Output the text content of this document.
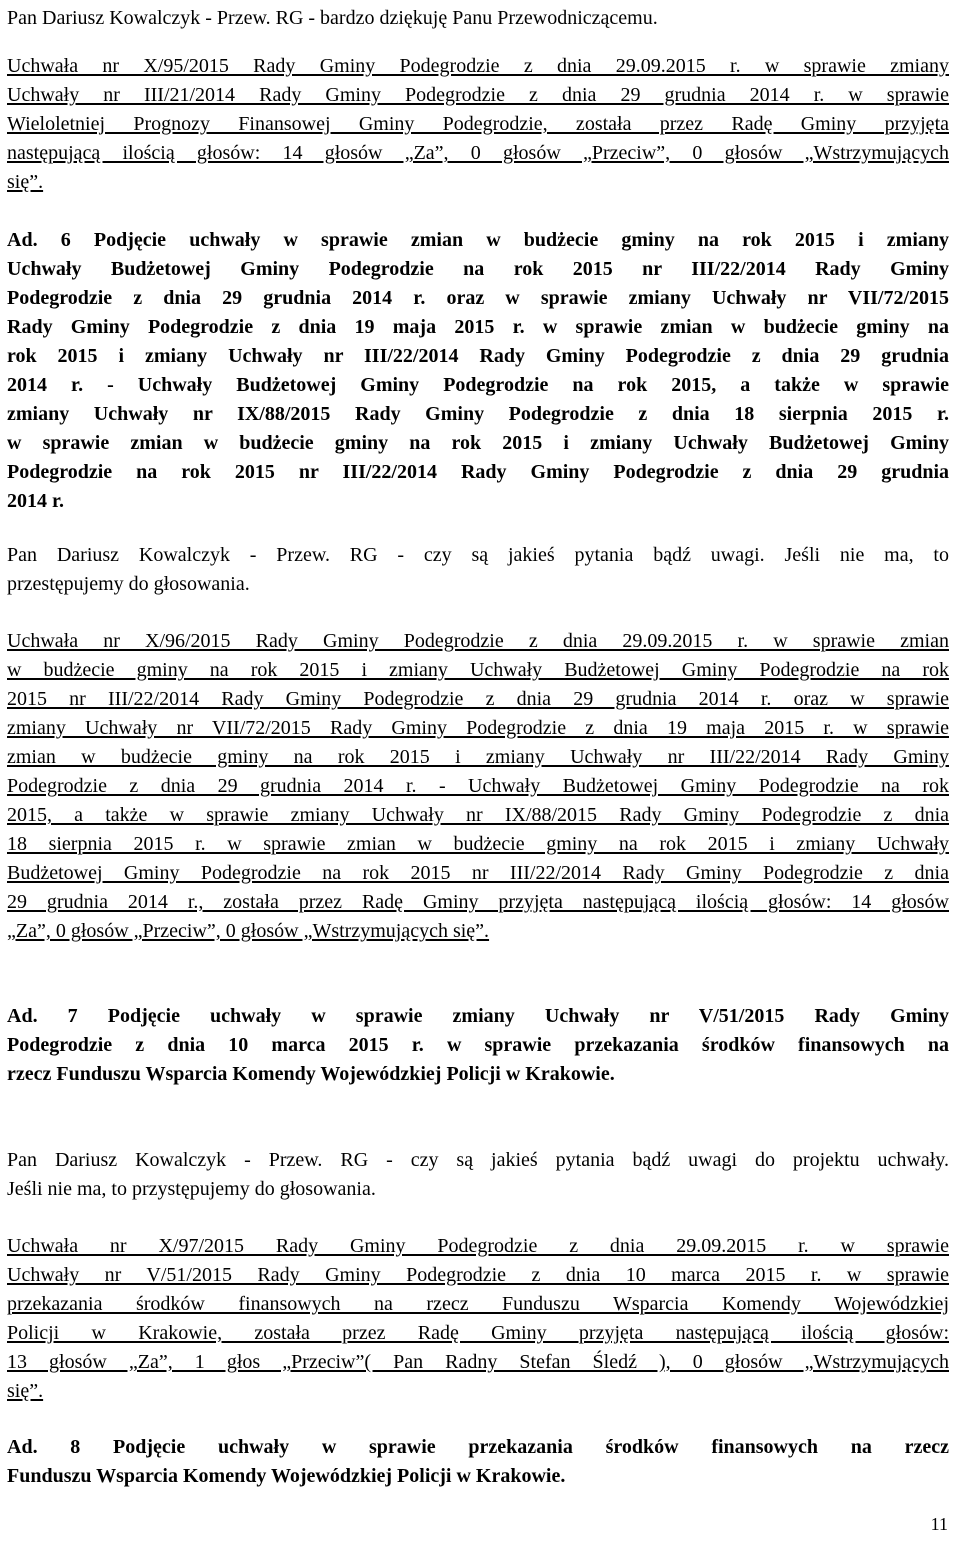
Pan Dariusz Kowalczyk - Przew. RG - bardzo dziękuję Panu Przewodniczącemu.

Uchwała nr X/95/2015 Rady Gminy Podegrodzie z dnia 29.09.2015 r. w sprawie zmiany

Uchwały nr III/21/2014 Rady Gminy Podegrodzie z dnia 29 grudnia 2014 r. w sprawie

Wieloletniej Prognozy Finansowej Gminy Podegrodzie, została przez Radę Gminy przyjęta

następującą ilością głosów: 14 głosów „Za”, 0 głosów „Przeciw”, 0 głosów „Wstrzymujących

się”.

Ad. 6 Podjęcie uchwały w sprawie zmian w budżecie gminy na rok 2015 i zmiany

Uchwały Budżetowej Gminy Podegrodzie na rok 2015 nr III/22/2014 Rady Gminy

Podegrodzie z dnia 29 grudnia 2014 r. oraz w sprawie zmiany Uchwały nr VII/72/2015

Rady Gminy Podegrodzie z dnia 19 maja 2015 r. w sprawie zmian w budżecie gminy na

rok 2015 i zmiany Uchwały nr III/22/2014 Rady Gminy Podegrodzie z dnia 29 grudnia

2014 r. - Uchwały Budżetowej Gminy Podegrodzie na rok 2015, a także w sprawie

zmiany Uchwały nr IX/88/2015 Rady Gminy Podegrodzie z dnia 18 sierpnia 2015 r.

w sprawie zmian w budżecie gminy na rok 2015 i zmiany Uchwały Budżetowej Gminy

Podegrodzie na rok 2015 nr III/22/2014 Rady Gminy Podegrodzie z dnia 29 grudnia

2014 r.

Pan Dariusz Kowalczyk - Przew. RG - czy są jakieś pytania bądź uwagi. Jeśli nie ma, to

przestępujemy do głosowania.

Uchwała nr X/96/2015 Rady Gminy Podegrodzie z dnia 29.09.2015 r. w sprawie zmian

w budżecie gminy na rok 2015 i zmiany Uchwały Budżetowej Gminy Podegrodzie na rok

2015 nr III/22/2014 Rady Gminy Podegrodzie z dnia 29 grudnia 2014 r. oraz w sprawie

zmiany Uchwały nr VII/72/2015 Rady Gminy Podegrodzie z dnia 19 maja 2015 r. w sprawie

zmian w budżecie gminy na rok 2015 i zmiany Uchwały nr III/22/2014 Rady Gminy

Podegrodzie z dnia 29 grudnia 2014 r. - Uchwały Budżetowej Gminy Podegrodzie na rok

2015, a także w sprawie zmiany Uchwały nr IX/88/2015 Rady Gminy Podegrodzie z dnia

18 sierpnia 2015 r. w sprawie zmian w budżecie gminy na rok 2015 i zmiany Uchwały

Budżetowej Gminy Podegrodzie na rok 2015 nr III/22/2014 Rady Gminy Podegrodzie z dnia

29 grudnia 2014 r., została przez Radę Gminy przyjęta następującą ilością głosów: 14 głosów

„Za”, 0 głosów „Przeciw”, 0 głosów „Wstrzymujących się”.

Ad. 7 Podjęcie uchwały w sprawie zmiany Uchwały nr V/51/2015 Rady Gminy

Podegrodzie z dnia 10 marca 2015 r. w sprawie przekazania środków finansowych na

rzecz Funduszu Wsparcia Komendy Wojewódzkiej Policji w Krakowie.

Pan Dariusz Kowalczyk - Przew. RG - czy są jakieś pytania bądź uwagi do projektu uchwały.

Jeśli nie ma, to przystępujemy do głosowania.

Uchwała nr X/97/2015 Rady Gminy Podegrodzie z dnia 29.09.2015 r. w sprawie

Uchwały nr V/51/2015 Rady Gminy Podegrodzie z dnia 10 marca 2015 r. w sprawie

przekazania środków finansowych na rzecz Funduszu Wsparcia Komendy Wojewódzkiej

Policji w Krakowie, została przez Radę Gminy przyjęta następującą ilością głosów:

13 głosów „Za”, 1 głos „Przeciw”( Pan Radny Stefan Śledź ), 0 głosów „Wstrzymujących

się”.

Ad. 8 Podjęcie uchwały w sprawie przekazania środków finansowych na rzecz

Funduszu Wsparcia Komendy Wojewódzkiej Policji w Krakowie.

11
